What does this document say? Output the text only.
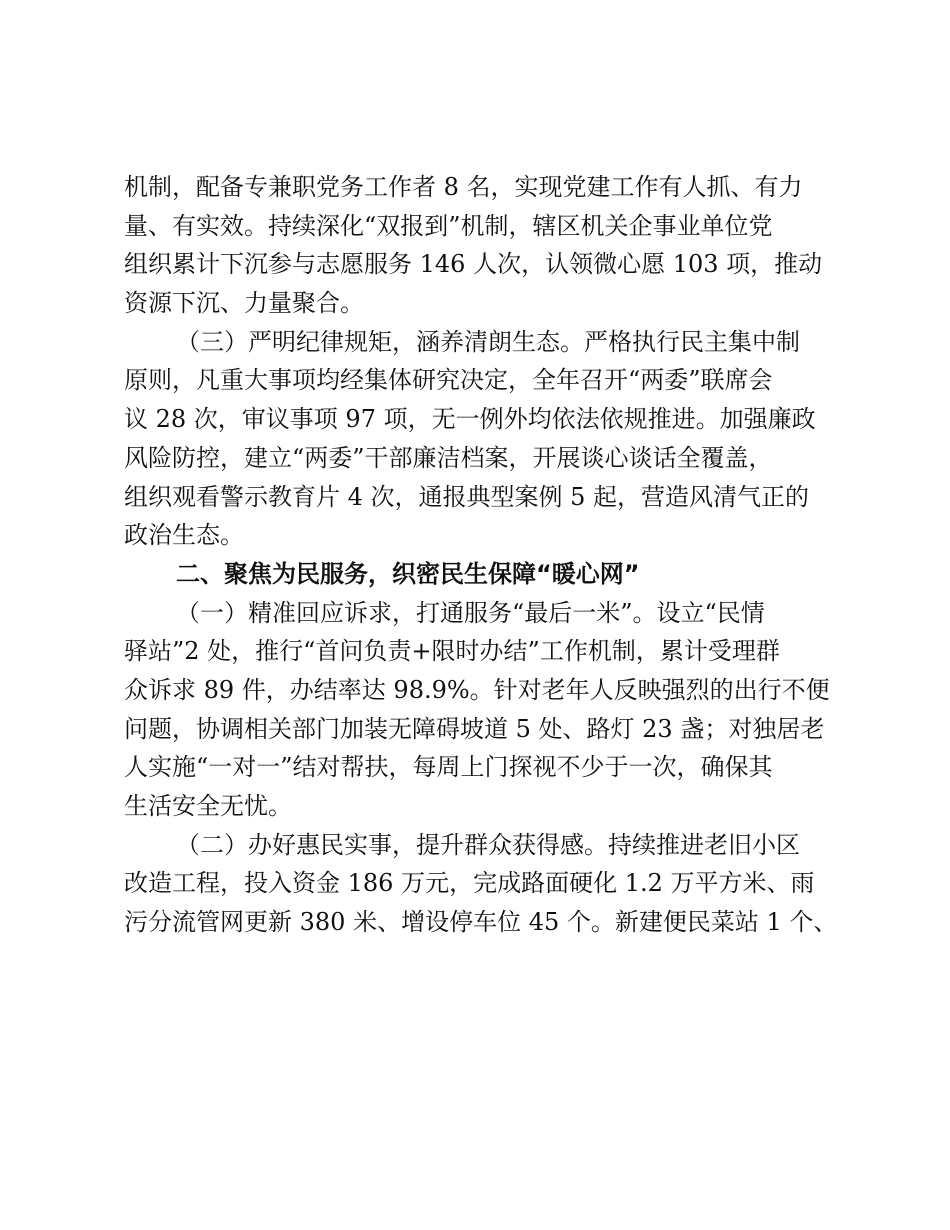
机制，配备专兼职党务工作者 8 名，实现党建工作有人抓、有力
量、有实效。持续深化“双报到”机制，辖区机关企事业单位党
组织累计下沉参与志愿服务 146 人次，认领微心愿 103 项，推动
资源下沉、力量聚合。
（三）严明纪律规矩，涵养清朗生态。严格执行民主集中制
原则，凡重大事项均经集体研究决定，全年召开“两委”联席会
议 28 次，审议事项 97 项，无一例外均依法依规推进。加强廉政
风险防控，建立“两委”干部廉洁档案，开展谈心谈话全覆盖，
组织观看警示教育片 4 次，通报典型案例 5 起，营造风清气正的
政治生态。
二、聚焦为民服务，织密民生保障“暖心网”
（一）精准回应诉求，打通服务“最后一米”。设立“民情
驿站”2 处，推行“首问负责+限时办结”工作机制，累计受理群
众诉求 89 件，办结率达 98.9%。针对老年人反映强烈的出行不便
问题，协调相关部门加装无障碍坡道 5 处、路灯 23 盏；对独居老
人实施“一对一”结对帮扶，每周上门探视不少于一次，确保其
生活安全无忧。
（二）办好惠民实事，提升群众获得感。持续推进老旧小区
改造工程，投入资金 186 万元，完成路面硬化 1.2 万平方米、雨
污分流管网更新 380 米、增设停车位 45 个。新建便民菜站 1 个、
